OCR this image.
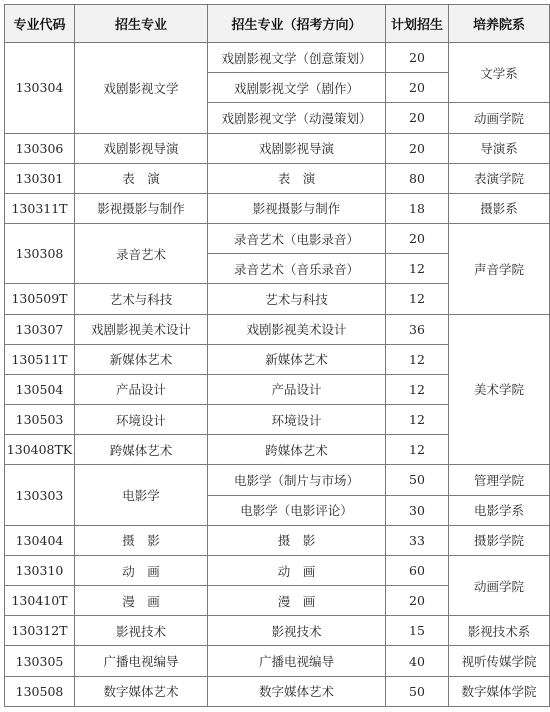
专业代码	招生专业	招生专业（招考方向）	计划招生	培养院系
130304	戏剧影视文学	戏剧影视文学（创意策划）	20	文学系
		戏剧影视文学（剧作）	20	
		戏剧影视文学（动漫策划）	20	动画学院
130306	戏剧影视导演	戏剧影视导演	20	导演系
130301	表　演	表　演	80	表演学院
130311T	影视摄影与制作	影视摄影与制作	18	摄影系
130308	录音艺术	录音艺术（电影录音）	20	声音学院
		录音艺术（音乐录音）	12	
130509T	艺术与科技	艺术与科技	12	
130307	戏剧影视美术设计	戏剧影视美术设计	36	美术学院
130511T	新媒体艺术	新媒体艺术	12	
130504	产品设计	产品设计	12	
130503	环境设计	环境设计	12	
130408TK	跨媒体艺术	跨媒体艺术	12	
130303	电影学	电影学（制片与市场）	50	管理学院
		电影学（电影评论）	30	电影学系
130404	摄　影	摄　影	33	摄影学院
130310	动　画	动　画	60	动画学院
130410T	漫　画	漫　画	20	
130312T	影视技术	影视技术	15	影视技术系
130305	广播电视编导	广播电视编导	40	视听传媒学院
130508	数字媒体艺术	数字媒体艺术	50	数字媒体学院
